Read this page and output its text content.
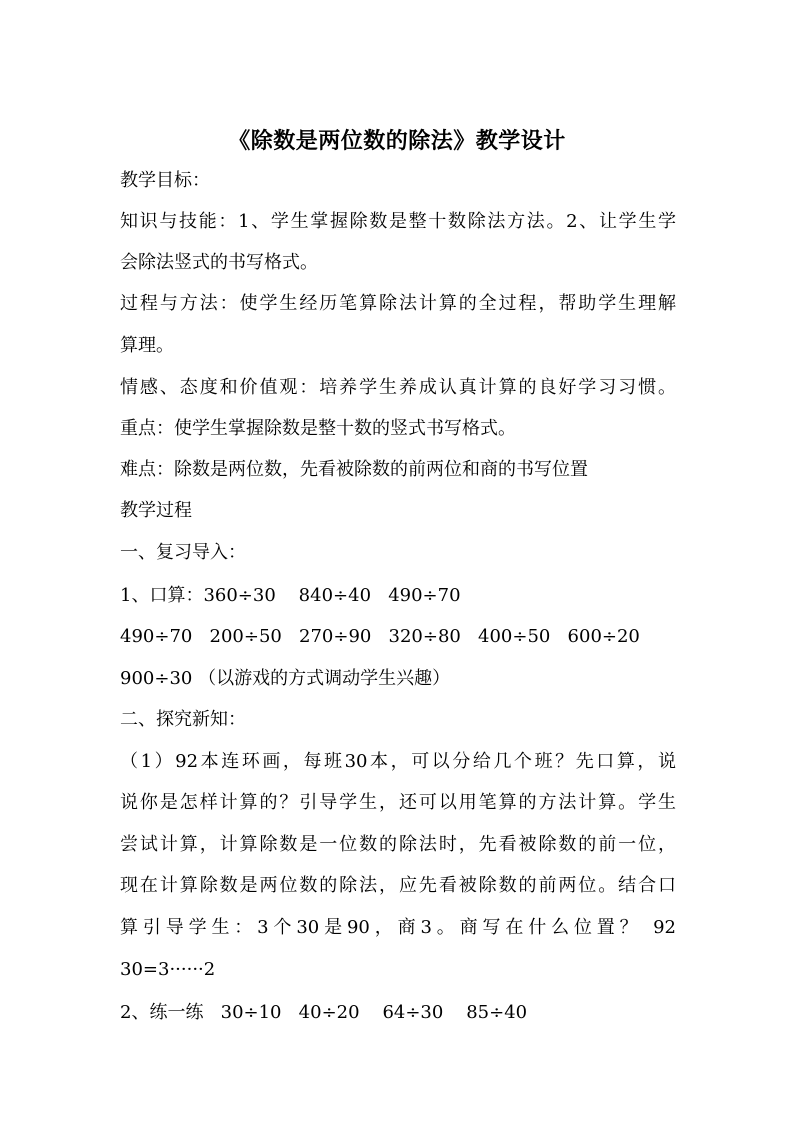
《除数是两位数的除法》教学设计
教学目标：
知识与技能：1、学生掌握除数是整十数除法方法。2、让学生学
会除法竖式的书写格式。
过程与方法：使学生经历笔算除法计算的全过程，帮助学生理解
算理。
情感、态度和价值观：培养学生养成认真计算的良好学习习惯。
重点：使学生掌握除数是整十数的竖式书写格式。
难点：除数是两位数，先看被除数的前两位和商的书写位置
教学过程
一、复习导入：
1、口算：360÷30    840÷40   490÷70
490÷70   200÷50   270÷90   320÷80   400÷50   600÷20
900÷30 （以游戏的方式调动学生兴趣）
二、探究新知：
（1）92本连环画，每班30本，可以分给几个班？先口算，说
说你是怎样计算的？引导学生，还可以用笔算的方法计算。学生
尝试计算，计算除数是一位数的除法时，先看被除数的前一位，
现在计算除数是两位数的除法，应先看被除数的前两位。结合口
算引导学生：3个30是90，商3。商写在什么位置？ 92
30=3······2
2、练一练   30÷10   40÷20    64÷30    85÷40
